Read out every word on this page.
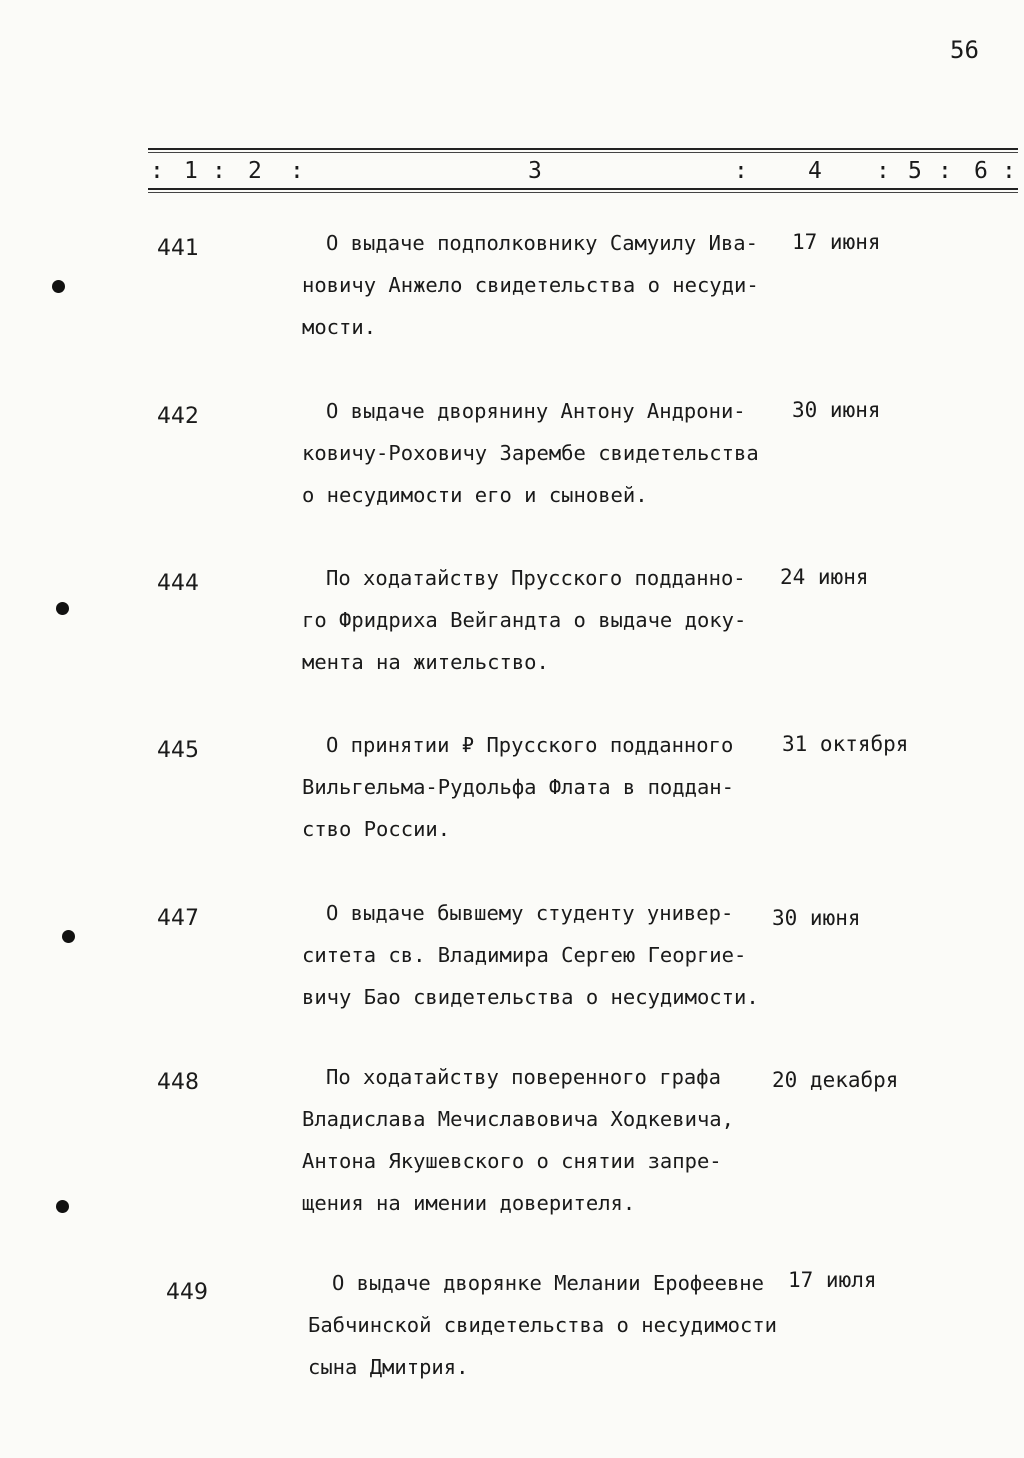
56
: 1 : 2 :	3	:	4 : 5 : 6 :
441	О выдаче подполковнику Самуилу Ива-
новичу Анжело свидетельства о несуди-
мости.
17 июня
442	О выдаче дворянину Антону Андрони-
ковичу-Роховичу Зарембе свидетельства
о несудимости его и сыновей.
30 июня
444	По ходатайству Прусского подданно-
го Фридриха Вейгандта о выдаче доку-
мента на жительство.
24 июня
445	О принятии ₽ Прусского подданного
Вильгельма-Рудольфа Флата в поддан-
ство России.
31 октября
447	О выдаче бывшему студенту универ-
ситета св. Владимира Сергею Георгие-
вичу Бао свидетельства о несудимости.
30 июня
448	По ходатайству поверенного графа
Владислава Мечиславовича Ходкевича,
Антона Якушевского о снятии запре-
щения на имении доверителя.
20 декабря
449	О выдаче дворянке Мелании Ерофеевне
Бабчинской свидетельства о несудимости
сына Дмитрия.
17 июля
